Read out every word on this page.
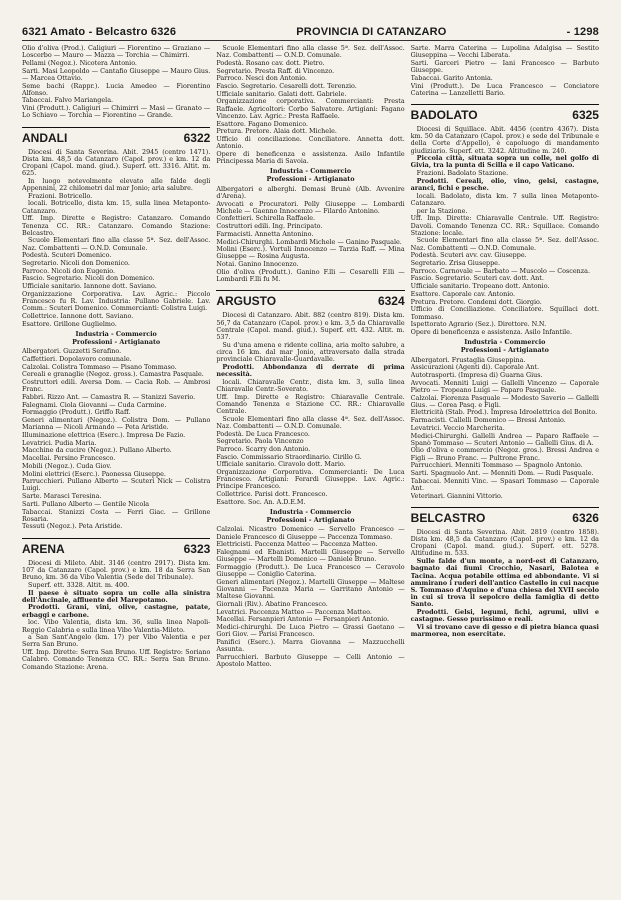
6321 Amato - Belcastro 6326	PROVINCIA DI CATANZARO	- 1298
Olio d'oliva (Prod.). Caligiuri — Fiorentino — Graziano — Loscerbo — Mauro — Mazza — Torchia — Chimirri.
Pellami (Negoz.). Nicotera Antonio.
Sarti. Masi Leopoldo — Cantafio Giuseppe — Mauro Gius. — Marcea Ottavio.
Seme bachi (Rappr.). Lucia Amedeo — Fiorentino Alfonso.
Tabaccai. Falvo Mariangela.
Vini (Produtt.). Caligiuri — Chimirri — Masi — Granato — Lo Schiavo — Torchia — Fiorentino — Grande.
ANDALI	6322
Diocesi di Santa Severina. Abit. 2945 (centro 1471). Dista km. 48,5 da Catanzaro (Capol. prov.) e km. 12 da Cropani (Capol. mand. giud.). Superf. ett. 3316. Altit. m. 625.
In luogo notevolmente elevato alle falde degli Appennini, 22 chilometri dal mar Jonio; aria salubre.
Frazioni. Botricello.
locali. Botricello, dista km. 15, sulla linea Metaponto-Catanzaro.
Uff. Imp. Dirette e Registro: Catanzaro. Comando Tenenza CC. RR.: Catanzaro. Comando Stazione: Belcastro.
Scuole Elementari fino alla classe 5ª. Sez. dell'Assoc. Naz. Combattenti — O.N.D. Comunale.
Podestà. Scuteri Domenico.
Segretario. Nicoli don Domenico.
Parroco. Nicoli don Eugenio.
Fascio. Segretario. Nicoli don Domenico.
Ufficiale sanitario. Iannone dott. Saviano.
Organizzazione Corporativa. Lav. Agric.: Piccolo Francesco fu R. Lav. Industria: Pullano Gabriele. Lav. Comm.: Scuteri Domenico. Commercianti: Colistra Luigi.
Collettrice. Iannone dott. Saviano.
Esattore. Grillone Guglielmo.
Industria - Commercio
Professioni - Artigianato
Albergatori. Guzzetti Serafino.
Caffettieri. Dopolavoro comunale.
Calzolai. Colistra Tommaso — Pisano Tommaso.
Cereali e granaglie (Negoz. gross.). Camastra Pasquale.
Costruttori edili. Aversa Dom. — Cacia Rob. — Ambrosi Franc.
Fabbri. Rizzo Ant. — Camastra R. — Stanizzi Saverio.
Falegnami. Ciola Giovanni — Cuda Carmine.
Formaggio (Produtt.). Griffo Raff.
Generi alimentari (Negoz.). Colistra Dom. — Pullano Marianna — Nicoli Armando — Peta Aristide.
Illuminazione elettrica (Eserc.). Impresa De Fazio.
Levatrici. Pudia Maria.
Macchine da cucire (Negoz.). Pullano Alberto.
Macellai. Persino Francesco.
Mobili (Negoz.). Cuda Giov.
Molini elettrici (Eserc.). Paonessa Giuseppe.
Parrucchieri. Pullano Alberto — Scuteri Nick — Colistra Luigi.
Sarte. Marasci Teresina.
Sarti. Pullano Alberto — Gentile Nicola
Tabaccai. Stanizzi Costa — Ferri Giac. — Grillone Rosaria.
Tessuti (Negoz.). Peta Aristide.
ARENA	6323
Diocesi di Mileto. Abit. 3146 (centro 2917). Dista km. 107 da Catanzaro (Capol. prov.) e km. 18 da Serra San Bruno, km. 36 da Vibo Valentia (Sede del Tribunale).
Superf. ett. 3328. Altit. m. 400.
Il paese è situato sopra un colle alla sinistra dell'Ancinale, affluente del Marepotamo.
Prodotti. Grani, vini, olive, castagne, patate, erbaggi e carbone.
loc. Vibo Valentia, dista km. 36, sulla linea Napoli-Reggio Calabria e sulla linea Vibo Valentia-Mileto.
a San Sant'Angelo (km. 17) per Vibo Valentia e per Serra San Bruno.
Uff. Imp. Dirette: Serra San Bruno. Uff. Registro: Soriano Calabro. Comando Tenenza CC. RR.: Serra San Bruno. Comando Stazione: Arena.
Scuole Elementari fino alla classe 5ª. Sez. dell'Assoc. Naz. Combattenti — O.N.D. Comunale.
Podestà. Rosano cav. dott. Pietro.
Segretario. Presta Raff. di Vincenzo.
Parroco. Nesci don Antonio.
Fascio. Segretario. Cesarelli dott. Terenzio.
Ufficiale sanitario. Galati dott. Gabriele.
Organizzazione corporativa. Commercianti: Presta Raffaele. Agricoltori: Corbo Salvatore. Artigiani: Fagano Vincenzo. Lav. Agric.: Presta Raffaele.
Esattore. Fagano Domenico.
Pretura. Pretore. Alaia dott. Michele.
Ufficio di conciliazione. Conciliatore. Annetta dott. Antonio.
Opere di beneficenza e assistenza. Asilo Infantile Principessa Maria di Savoia.
Industria - Commercio
Professioni - Artigianato
Albergatori e alberghi. Demasi Brunè (Alb. Avvenire d'Arena).
Avvocati e Procuratori. Pelly Giuseppe — Lombardi Michele — Gaenno Innocenzo — Filardo Antonino.
Confettieri. Schirella Raffaele.
Costruttori edili. Ing. Principato.
Farmacisti. Annetta Antonino.
Medici-Chirurghi. Lombardi Michele — Ganino Pasquale.
Molini (Eserc.). Vortuli Innocenzo — Tarzia Raff. — Mina Giuseppe — Rosina Augusta.
Notai. Ganino Innocenzo.
Olio d'oliva (Produtt.). Ganino F.lli — Cesarelli F.lli — Lombardi F.lli fu M.
ARGUSTO	6324
Diocesi di Catanzaro. Abit. 882 (centro 819). Dista km. 56,7 da Catanzaro (Capol. prov.) e km. 3,5 da Chiaravalle Centrale (Capol. mand. giud.). Superf. ett. 432. Altit. m. 537.
Su d'una amena e ridente collina, aria molto salubre, a circa 16 km. dal mar Jonio, attraversato dalla strada provinciale Chiaravalle-Guardavalle.
Prodotti. Abbondanza di derrate di prima necessità.
locali. Chiaravalle Centr., dista km. 3, sulla linea Chiaravalle Centr.-Soverato.
Uff. Imp. Dirette e Registro: Chiaravalle Centrale. Comando Tenenza e Stazione CC. RR.: Chiaravalle Centrale.
Scuole Elementari fino alla classe 4ª. Sez. dell'Assoc. Naz. Combattenti — O.N.D. Comunale.
Podestà. De Luca Francesco.
Segretario. Paola Vincenzo
Parroco. Scarry don Antonio.
Fascio. Commissario Straordinario. Cirillo G.
Ufficiale sanitario. Ciravolo dott. Mario.
Organizzazione Corporativa. Commercianti: De Luca Francesco. Artigiani: Ferardi Giuseppe. Lav. Agric.: Principe Francesco.
Collettrice. Parisi dott. Francesco.
Esattore. Soc. An. A.D.E.M.
Industria - Commercio
Professioni - Artigianato
Calzolai. Nicastro Domenico — Servello Francesco — Daniele Francesco di Giuseppe — Paccenza Tommaso.
Elettricisti. Paccenza Matteo — Paccenza Matteo.
Falegnami ed Ebanisti. Martelli Giuseppe — Servello Giuseppe — Martelli Domenico — Daniele Bruno.
Formaggio (Produtt.). De Luca Francesco — Ceravolo Giuseppe — Coniglio Caterina.
Generi alimentari (Negoz.). Martelli Giuseppe — Maltese Giovanni — Pacenza Maria — Garritano Antonio — Maltese Giovanni.
Giornali (Riv.). Abatino Francesco.
Levatrici. Paccenza Matteo — Paccenza Matteo.
Macellai. Fersanpieri Antonio — Fersanpieri Antonio.
Medici-chirurghi. De Luca Pietro — Grassi Gaetano — Gori Giov. — Parisi Francesco.
Panifici (Eserc.). Marra Giovanna — Mazzucchelli Assunta.
Parrucchieri. Barbuto Giuseppe — Celli Antonio — Apostolo Matteo.
Sarte. Marra Caterina — Lupolina Adalgisa — Sestito Giuseppina — Vecchi Liberata.
Sarti. Garceri Pietro — Iani Francesco — Barbuto Giuseppe.
Tabaccai. Garito Antonia.
Vini (Produtt.). De Luca Francesco — Conciatore Caterina — Lanzelletti Bario.
BADOLATO	6325
Diocesi di Squillace. Abit. 4456 (centro 4367). Dista km. 50 da Catanzaro (Capol. prov.) e sede del Tribunale e della Corte d'Appello), è capoluogo di mandamento giudiziario. Superf. ett. 3242. Altitudine m. 240.
Piccola città, situata sopra un colle, nel golfo di Givia, tra la punta di Scilla e il capo Vaticano.
Frazioni. Badolato Stazione.
Prodotti. Cereali, olio, vino, gelsi, castagne, aranci, fichi e pesche.
locali. Badolato, dista km. 7 sulla linea Metaponto-Catanzaro.
per la Stazione.
Uff. Imp. Dirette: Chiaravalle Centrale. Uff. Registro: Davoli. Comando Tenenza CC. RR.: Squillace. Comando Stazione: locale.
Scuole Elementari fino alla classe 5ª. Sez. dell'Assoc. Naz. Combattenti — O.N.D. Comunale.
Podestà. Scuteri avv. cav. Giuseppe.
Segretario. Zrisa Giuseppe.
Parroco. Carnovale — Barbato — Muscolo — Coscenza.
Fascio. Segretario. Scuteri cav. dott. Ant.
Ufficiale sanitario. Tropeano dott. Antonio.
Esattore. Caporale cav. Antonio.
Pretura. Pretore. Condemi dott. Giorgio.
Ufficio di Conciliazione. Conciliatore. Squillaci dott. Tommaso.
Ispettorato Agrario (Sez.). Direttore. N.N.
Opere di beneficenza e assistenza. Asilo Infantile.
Industria - Commercio
Professioni - Artigianato
Albergatori. Frustaglia Giuseppina.
Assicurazioni (Agenti di). Caporale Ant.
Autotrasporti. (Impresa di) Guarna Gius.
Avvocati. Menniti Luigi — Gallelli Vincenzo — Caporale Pietro — Tropeano Luigi — Paparo Pasquale.
Calzolai. Fiorenza Pasquale — Modesto Saverio — Gallelli Gius. — Corea Pasq. e Figli.
Elettricità (Stab. Prod.). Impresa Idroelettrica del Bonito.
Farmacisti. Callelli Domenico — Bressi Antonio.
Levatrici. Veccio Marcherita.
Medici-Chirurghi. Gallelli Andrea — Paparo Raffaele — Spanò Tommaso — Scuteri Antonio — Gallelli Gius. di A.
Olio d'oliva e commercio (Negoz. gros.). Bressi Andrea e Figli — Bruno Franc. — Pultrone Franc.
Parrucchieri. Menniti Tommaso — Spagnolo Antonio.
Sarti. Spagnuolo Ant. — Menniti Dom. — Rudi Pasquale.
Tabaccai. Menniti Vinc. — Spasari Tommaso — Caporale Ant.
Veterinari. Giannini Vittorio.
BELCASTRO	6326
Diocesi di Santa Severina. Abit. 2819 (centro 1858). Dista km. 48,5 da Catanzaro (Capol. prov.) e km. 12 da Cropani (Capol. mand. giud.). Superf. ett. 5278. Altitudine m. 533.
Sulle falde d'un monte, a nord-est di Catanzaro, bagnato dai fiumi Crocchio, Nasari, Balotea e Tacina. Acqua potabile ottima ed abbondante. Vi si ammirano i ruderi dell'antico Castello in cui nacque S. Tommaso d'Aquino e d'una chiesa del XVII secolo in cui si trova il sepolcro della famiglia di detto Santo.
Prodotti. Gelsi, legumi, fichi, agrumi, ulivi e castagne. Gesso purissimo e reali.
Vi si trovano cave di gesso e di pietra bianca quasi marmorea, non esercitate.
